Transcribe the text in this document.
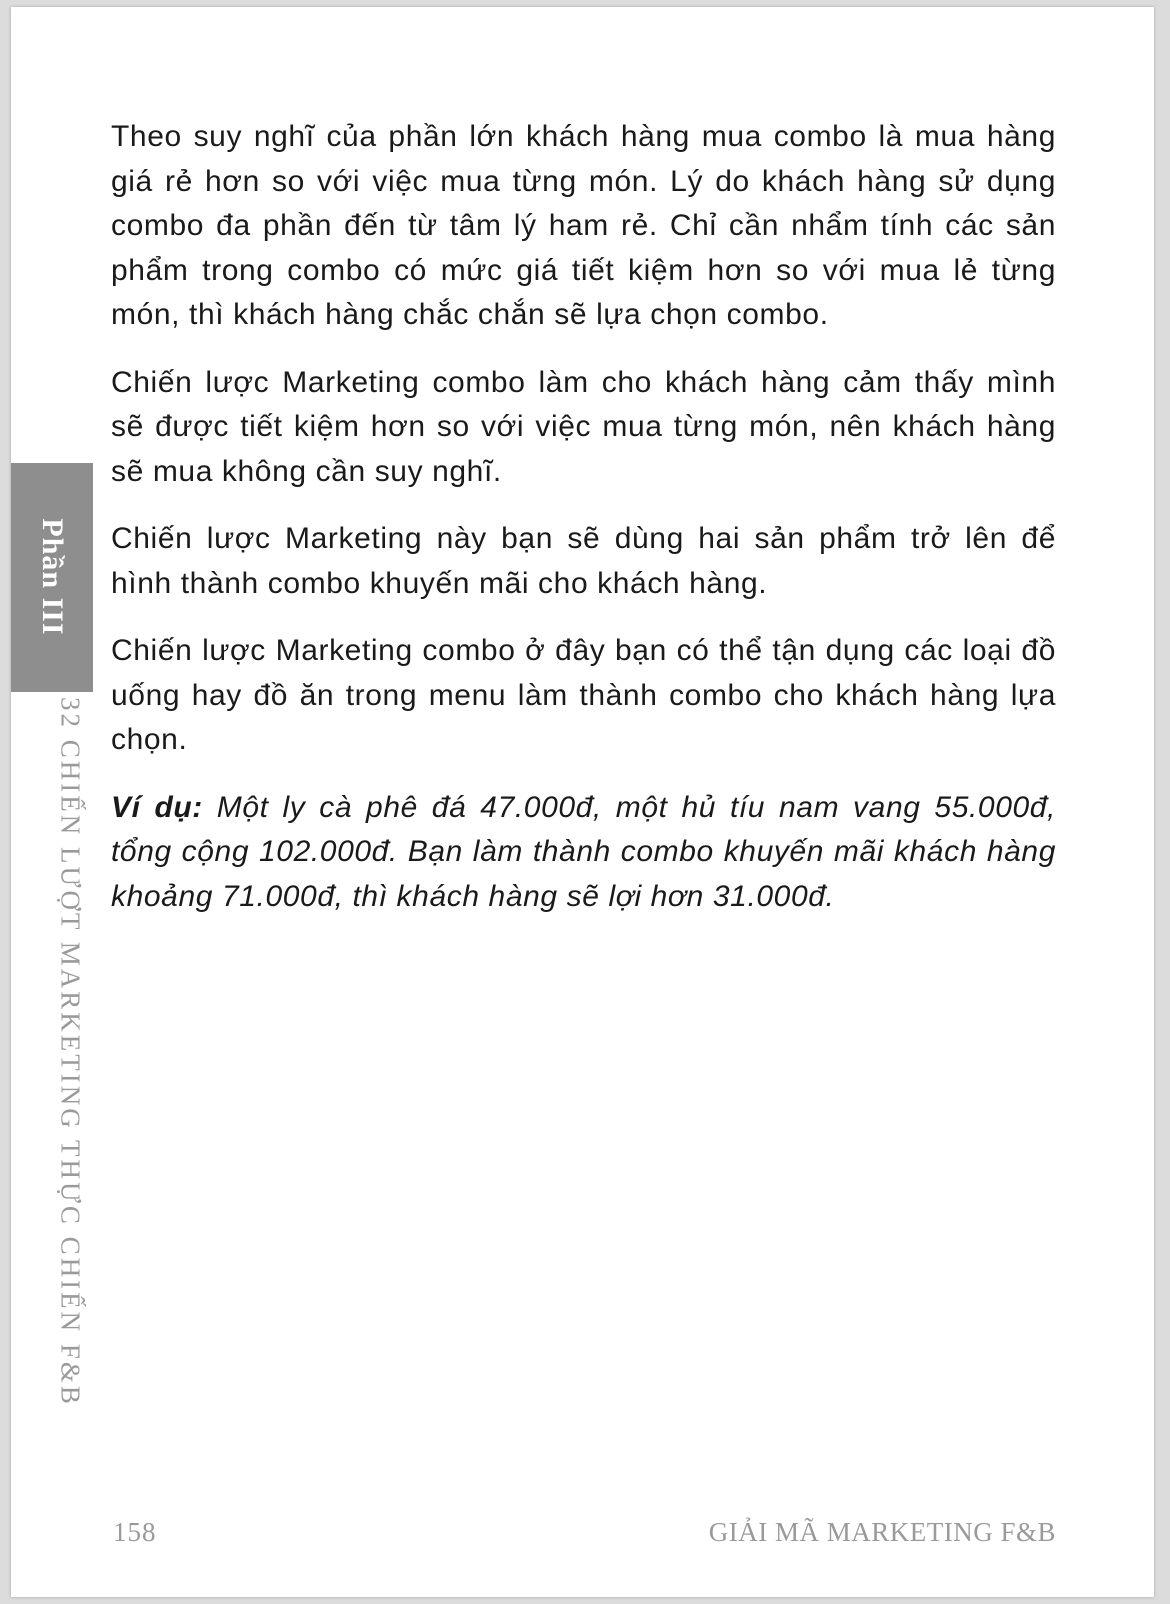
Phần III
32 CHIẾN LƯỢT MARKETING THỰC CHIẾN F&B

Theo suy nghĩ của phần lớn khách hàng mua combo là mua hàng giá rẻ hơn so với việc mua từng món. Lý do khách hàng sử dụng combo đa phần đến từ tâm lý ham rẻ. Chỉ cần nhẩm tính các sản phẩm trong combo có mức giá tiết kiệm hơn so với mua lẻ từng món, thì khách hàng chắc chắn sẽ lựa chọn combo.

Chiến lược Marketing combo làm cho khách hàng cảm thấy mình sẽ được tiết kiệm hơn so với việc mua từng món, nên khách hàng sẽ mua không cần suy nghĩ.

Chiến lược Marketing này bạn sẽ dùng hai sản phẩm trở lên để hình thành combo khuyến mãi cho khách hàng.

Chiến lược Marketing combo ở đây bạn có thể tận dụng các loại đồ uống hay đồ ăn trong menu làm thành combo cho khách hàng lựa chọn.

Ví dụ: Một ly cà phê đá 47.000đ, một hủ tíu nam vang 55.000đ, tổng cộng 102.000đ. Bạn làm thành combo khuyến mãi khách hàng khoảng 71.000đ, thì khách hàng sẽ lợi hơn 31.000đ.

158	GIẢI MÃ MARKETING F&B
